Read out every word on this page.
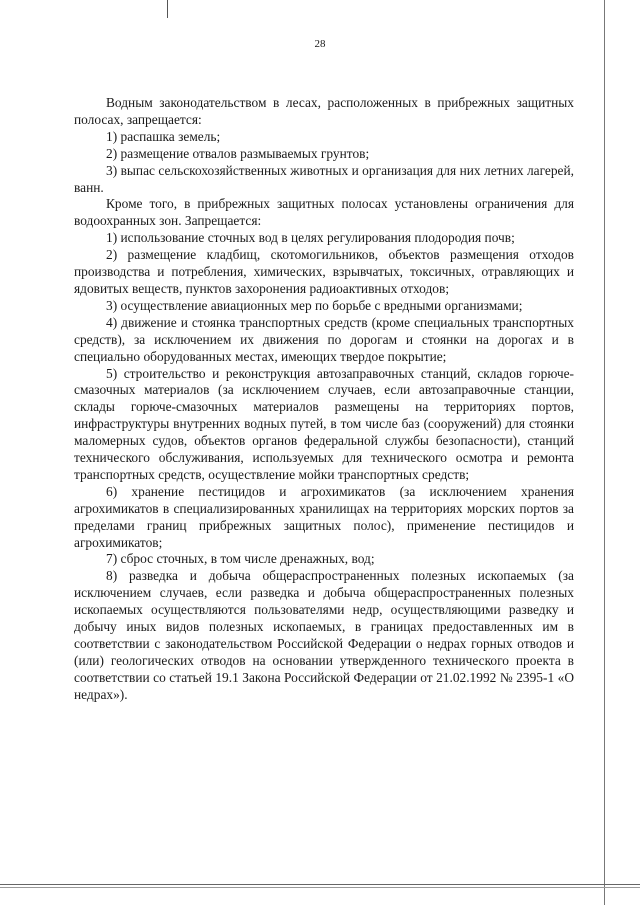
28

Водным законодательством в лесах, расположенных в прибрежных защитных полосах, запрещается:

1) распашка земель;

2) размещение отвалов размываемых грунтов;

3) выпас сельскохозяйственных животных и организация для них летних лагерей, ванн.

Кроме того, в прибрежных защитных полосах установлены ограничения для водоохранных зон. Запрещается:

1) использование сточных вод в целях регулирования плодородия почв;

2) размещение кладбищ, скотомогильников, объектов размещения отходов производства и потребления, химических, взрывчатых, токсичных, отравляющих и ядовитых веществ, пунктов захоронения радиоактивных отходов;

3) осуществление авиационных мер по борьбе с вредными организмами;

4) движение и стоянка транспортных средств (кроме специальных транспортных средств), за исключением их движения по дорогам и стоянки на дорогах и в специально оборудованных местах, имеющих твердое покрытие;

5) строительство и реконструкция автозаправочных станций, складов горюче-смазочных материалов (за исключением случаев, если автозаправочные станции, склады горюче-смазочных материалов размещены на территориях портов, инфраструктуры внутренних водных путей, в том числе баз (сооружений) для стоянки маломерных судов, объектов органов федеральной службы безопасности), станций технического обслуживания, используемых для технического осмотра и ремонта транспортных средств, осуществление мойки транспортных средств;

6) хранение пестицидов и агрохимикатов (за исключением хранения агрохимикатов в специализированных хранилищах на территориях морских портов за пределами границ прибрежных защитных полос), применение пестицидов и агрохимикатов;

7) сброс сточных, в том числе дренажных, вод;

8) разведка и добыча общераспространенных полезных ископаемых (за исключением случаев, если разведка и добыча общераспространенных полезных ископаемых осуществляются пользователями недр, осуществляющими разведку и добычу иных видов полезных ископаемых, в границах предоставленных им в соответствии с законодательством Российской Федерации о недрах горных отводов и (или) геологических отводов на основании утвержденного технического проекта в соответствии со статьей 19.1 Закона Российской Федерации от 21.02.1992 № 2395-1 «О недрах»).
